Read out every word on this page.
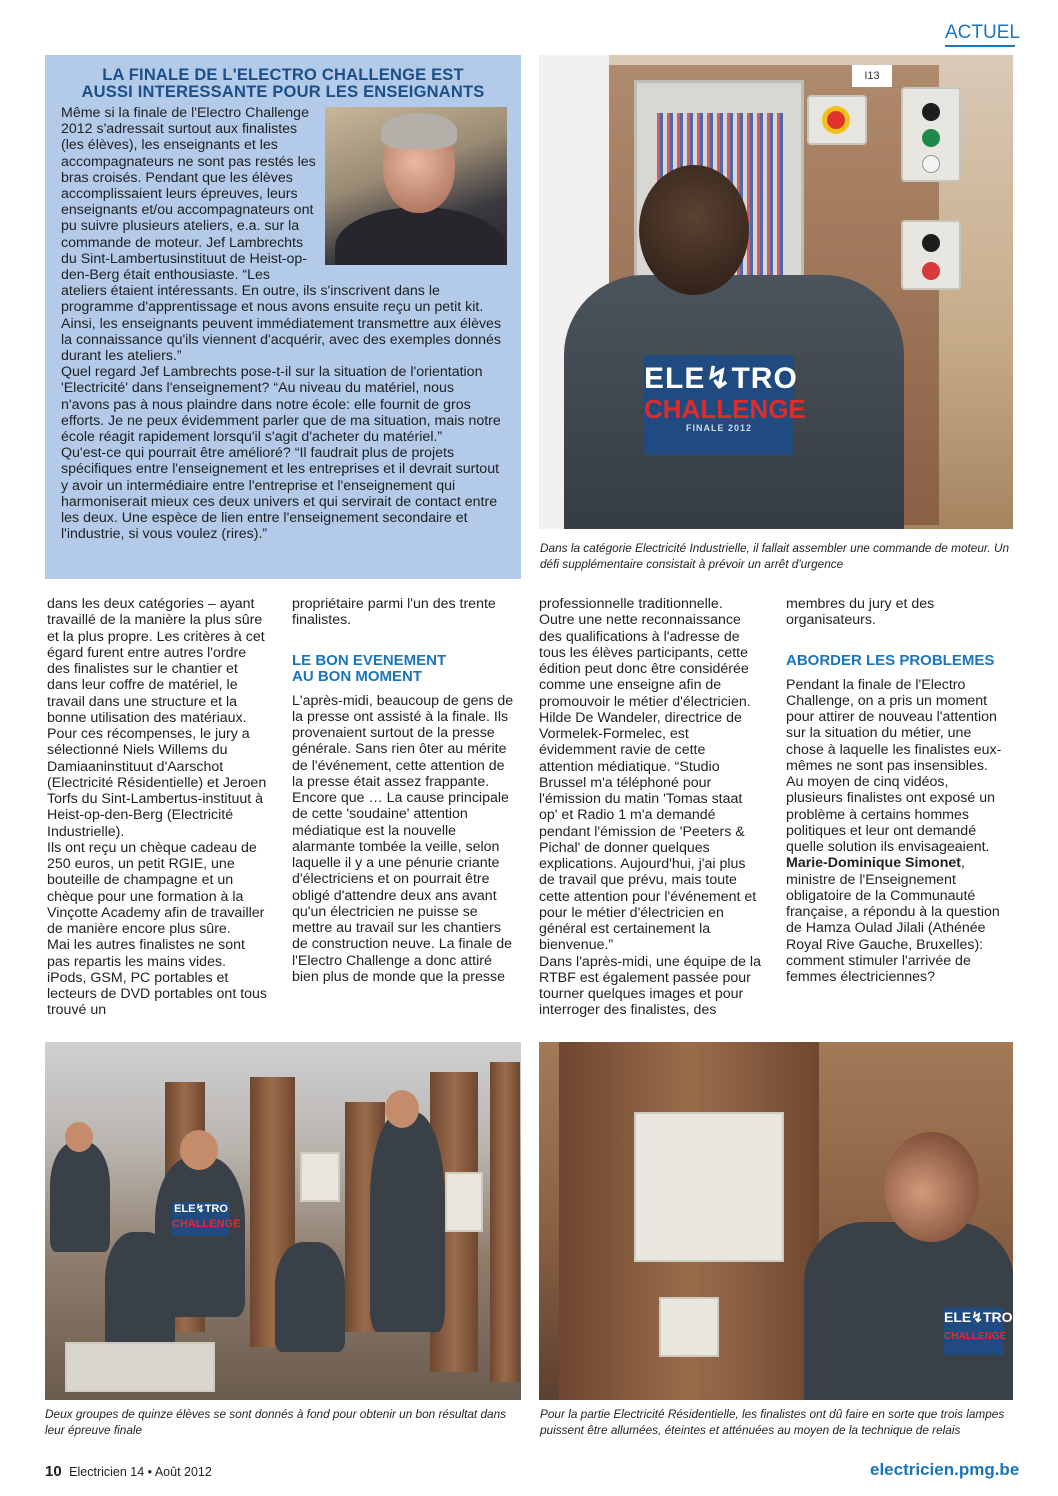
ACTUEL
LA FINALE DE L'ELECTRO CHALLENGE EST
AUSSI INTERESSANTE POUR LES ENSEIGNANTS

Même si la finale de l'Electro Challenge 2012 s'adressait surtout aux finalistes (les élèves), les enseignants et les accompagnateurs ne sont pas restés les bras croisés. Pendant que les élèves accomplissaient leurs épreuves, leurs enseignants et/ou accompagnateurs ont pu suivre plusieurs ateliers, e.a. sur la commande de moteur. Jef Lambrechts du Sint-Lambertusinstituut de Heist-op-den-Berg était enthousiaste. “Les ateliers étaient intéressants. En outre, ils s'inscrivent dans le programme d'apprentissage et nous avons ensuite reçu un petit kit. Ainsi, les enseignants peuvent immédiatement transmettre aux élèves la connaissance qu'ils viennent d'acquérir, avec des exemples donnés durant les ateliers.”

Quel regard Jef Lambrechts pose-t-il sur la situation de l'orientation 'Electricité' dans l'enseignement? “Au niveau du matériel, nous n'avons pas à nous plaindre dans notre école: elle fournit de gros efforts. Je ne peux évidemment parler que de ma situation, mais notre école réagit rapidement lorsqu'il s'agit d'acheter du matériel.”

Qu'est-ce qui pourrait être amélioré? “Il faudrait plus de projets spécifiques entre l'enseignement et les entreprises et il devrait surtout y avoir un intermédiaire entre l'entreprise et l'enseignement qui harmoniserait mieux ces deux univers et qui servirait de contact entre les deux. Une espèce de lien entre l'enseignement secondaire et l'industrie, si vous voulez (rires).”

I13
ELE↯TRO
CHALLENGE
FINALE 2012
Dans la catégorie Electricité Industrielle, il fallait assembler une commande de moteur. Un défi supplémentaire consistait à prévoir un arrêt d'urgence

dans les deux catégories – ayant travaillé de la manière la plus sûre et la plus propre. Les critères à cet égard furent entre autres l'ordre des finalistes sur le chantier et dans leur coffre de matériel, le travail dans une structure et la bonne utilisation des matériaux. Pour ces récompenses, le jury a sélectionné Niels Willems du Damiaaninstituut d'Aarschot (Electricité Résidentielle) et Jeroen Torfs du Sint-Lambertus-instituut à Heist-op-den-Berg (Electricité Industrielle).

Ils ont reçu un chèque cadeau de 250 euros, un petit RGIE, une bouteille de champagne et un chèque pour une formation à la Vinçotte Academy afin de travailler de manière encore plus sûre.

Mai les autres finalistes ne sont pas repartis les mains vides. iPods, GSM, PC portables et lecteurs de DVD portables ont tous trouvé un

propriétaire parmi l'un des trente finalistes.

LE BON EVENEMENT
AU BON MOMENT

L'après-midi, beaucoup de gens de la presse ont assisté à la finale. Ils provenaient surtout de la presse générale. Sans rien ôter au mérite de l'événement, cette attention de la presse était assez frappante. Encore que … La cause principale de cette 'soudaine' attention médiatique est la nouvelle alarmante tombée la veille, selon laquelle il y a une pénurie criante d'électriciens et on pourrait être obligé d'attendre deux ans avant qu'un électricien ne puisse se mettre au travail sur les chantiers de construction neuve. La finale de l'Electro Challenge a donc attiré bien plus de monde que la presse

professionnelle traditionnelle.

Outre une nette reconnaissance des qualifications à l'adresse de tous les élèves participants, cette édition peut donc être considérée comme une enseigne afin de promouvoir le métier d'électricien.

Hilde De Wandeler, directrice de Vormelek-Formelec, est évidemment ravie de cette attention médiatique. “Studio Brussel m'a téléphoné pour l'émission du matin 'Tomas staat op' et Radio 1 m'a demandé pendant l'émission de 'Peeters & Pichal' de donner quelques explications. Aujourd'hui, j'ai plus de travail que prévu, mais toute cette attention pour l'événement et pour le métier d'électricien en général est certainement la bienvenue.”

Dans l'après-midi, une équipe de la RTBF est également passée pour tourner quelques images et pour interroger des finalistes, des

membres du jury et des organisateurs.

ABORDER LES PROBLEMES

Pendant la finale de l'Electro Challenge, on a pris un moment pour attirer de nouveau l'attention sur la situation du métier, une chose à laquelle les finalistes eux-mêmes ne sont pas insensibles.

Au moyen de cinq vidéos, plusieurs finalistes ont exposé un problème à certains hommes politiques et leur ont demandé quelle solution ils envisageaient.

Marie-Dominique Simonet, ministre de l'Enseignement obligatoire de la Communauté française, a répondu à la question de Hamza Oulad Jilali (Athénée Royal Rive Gauche, Bruxelles): comment stimuler l'arrivée de femmes électriciennes?

ELE↯TRO
CHALLENGE
Deux groupes de quinze élèves se sont donnés à fond pour obtenir un bon résultat dans leur épreuve finale
ELE↯TRO
CHALLENGE
Pour la partie Electricité Résidentielle, les finalistes ont dû faire en sorte que trois lampes puissent être allumées, éteintes et atténuées au moyen de la technique de relais
10 Electricien 14 • Août 2012	electricien.pmg.be
